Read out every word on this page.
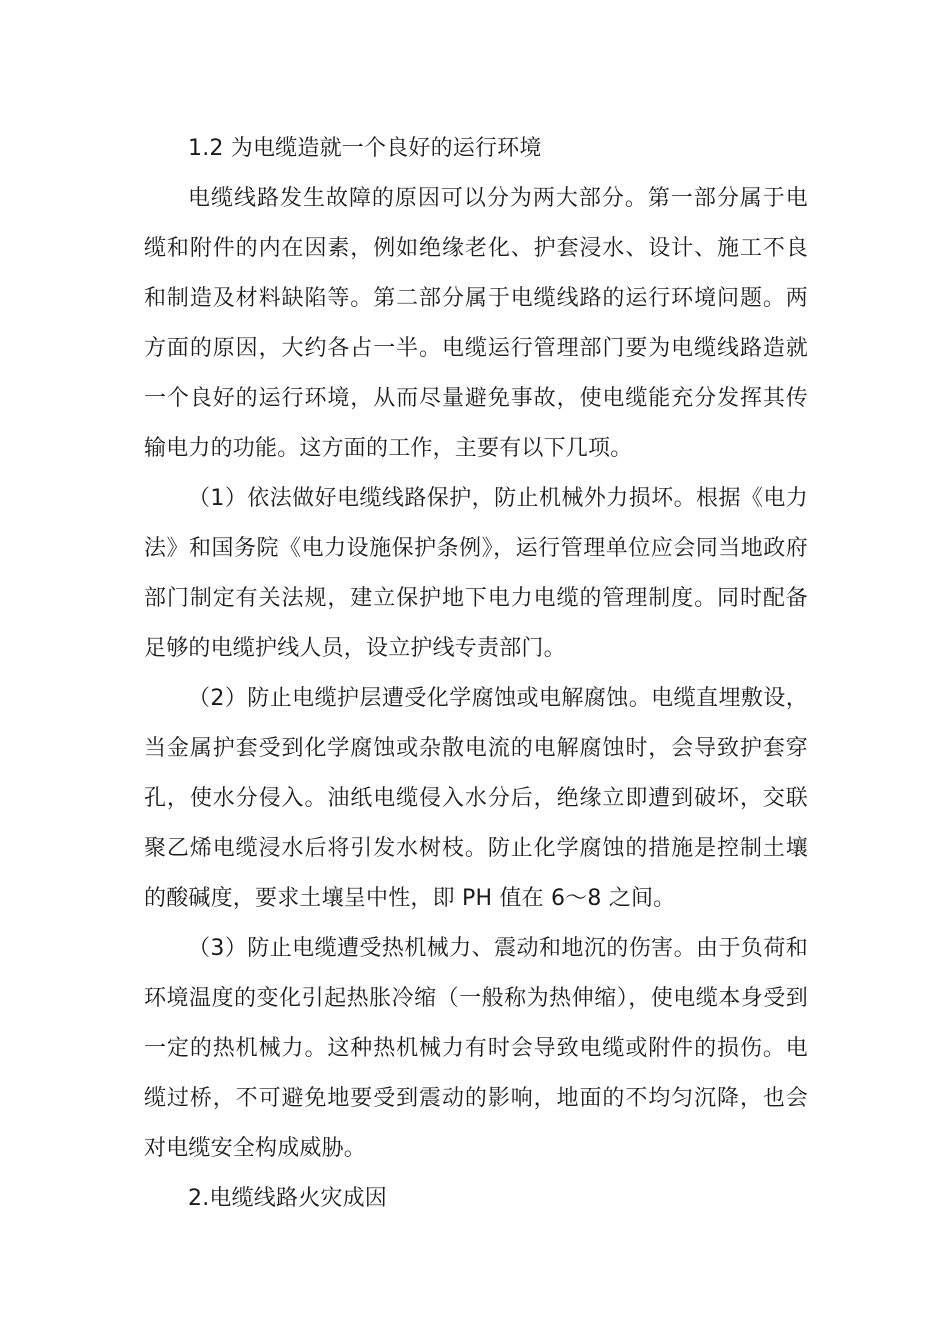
1.2 为电缆造就一个良好的运行环境

电缆线路发生故障的原因可以分为两大部分。第一部分属于电缆和附件的内在因素，例如绝缘老化、护套浸水、设计、施工不良和制造及材料缺陷等。第二部分属于电缆线路的运行环境问题。两方面的原因，大约各占一半。电缆运行管理部门要为电缆线路造就一个良好的运行环境，从而尽量避免事故，使电缆能充分发挥其传输电力的功能。这方面的工作，主要有以下几项。

（1）依法做好电缆线路保护，防止机械外力损坏。根据《电力法》和国务院《电力设施保护条例》，运行管理单位应会同当地政府部门制定有关法规，建立保护地下电力电缆的管理制度。同时配备足够的电缆护线人员，设立护线专责部门。

（2）防止电缆护层遭受化学腐蚀或电解腐蚀。电缆直埋敷设，当金属护套受到化学腐蚀或杂散电流的电解腐蚀时，会导致护套穿孔，使水分侵入。油纸电缆侵入水分后，绝缘立即遭到破坏，交联聚乙烯电缆浸水后将引发水树枝。防止化学腐蚀的措施是控制土壤的酸碱度，要求土壤呈中性，即 PH 值在 6～8 之间。

（3）防止电缆遭受热机械力、震动和地沉的伤害。由于负荷和环境温度的变化引起热胀冷缩（一般称为热伸缩），使电缆本身受到一定的热机械力。这种热机械力有时会导致电缆或附件的损伤。电缆过桥，不可避免地要受到震动的影响，地面的不均匀沉降，也会对电缆安全构成威胁。

2.电缆线路火灾成因
